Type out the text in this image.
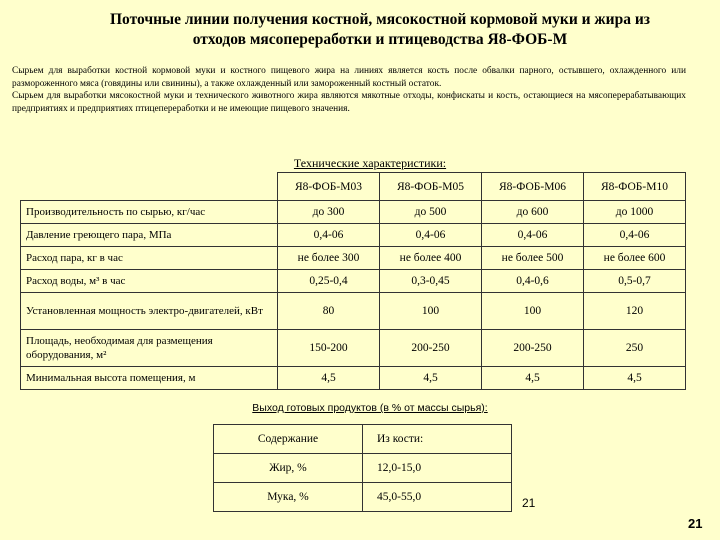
Поточные линии получения костной, мясокостной кормовой муки и жира из
отходов мясопереработки и птицеводства Я8-ФОБ-М

Сырьем для выработки костной кормовой муки и костного пищевого жира на линиях является кость после обвалки парного, остывшего, охлажденного или размороженного мяса (говядины или свинины), а также охлажденный или замороженный костный остаток.

Сырьем для выработки мясокостной муки и технического животного жира являются мякотные отходы, конфискаты и кость, остающиеся на мясоперерабатывающих предприятиях и предприятиях птицепереработки и не имеющие пищевого значения.

Технические характеристики:
	Я8-ФОБ-М03	Я8-ФОБ-М05	Я8-ФОБ-М06	Я8-ФОБ-М10
Производительность по сырью, кг/час	до 300	до 500	до 600	до 1000
Давление греющего пара, МПа	0,4-06	0,4-06	0,4-06	0,4-06
Расход пара, кг в час	не более 300	не более 400	не более 500	не более 600
Расход воды, м³ в час	0,25-0,4	0,3-0,45	0,4-0,6	0,5-0,7
Установленная мощность электро-двигателей, кВт	80	100	100	120
Площадь, необходимая для размещения оборудования, м²	150-200	200-250	200-250	250
Минимальная высота помещения, м	4,5	4,5	4,5	4,5
Выход готовых продуктов (в % от массы сырья):
Содержание	Из кости:
Жир, %	12,0-15,0
Мука, %	45,0-55,0	21
21
